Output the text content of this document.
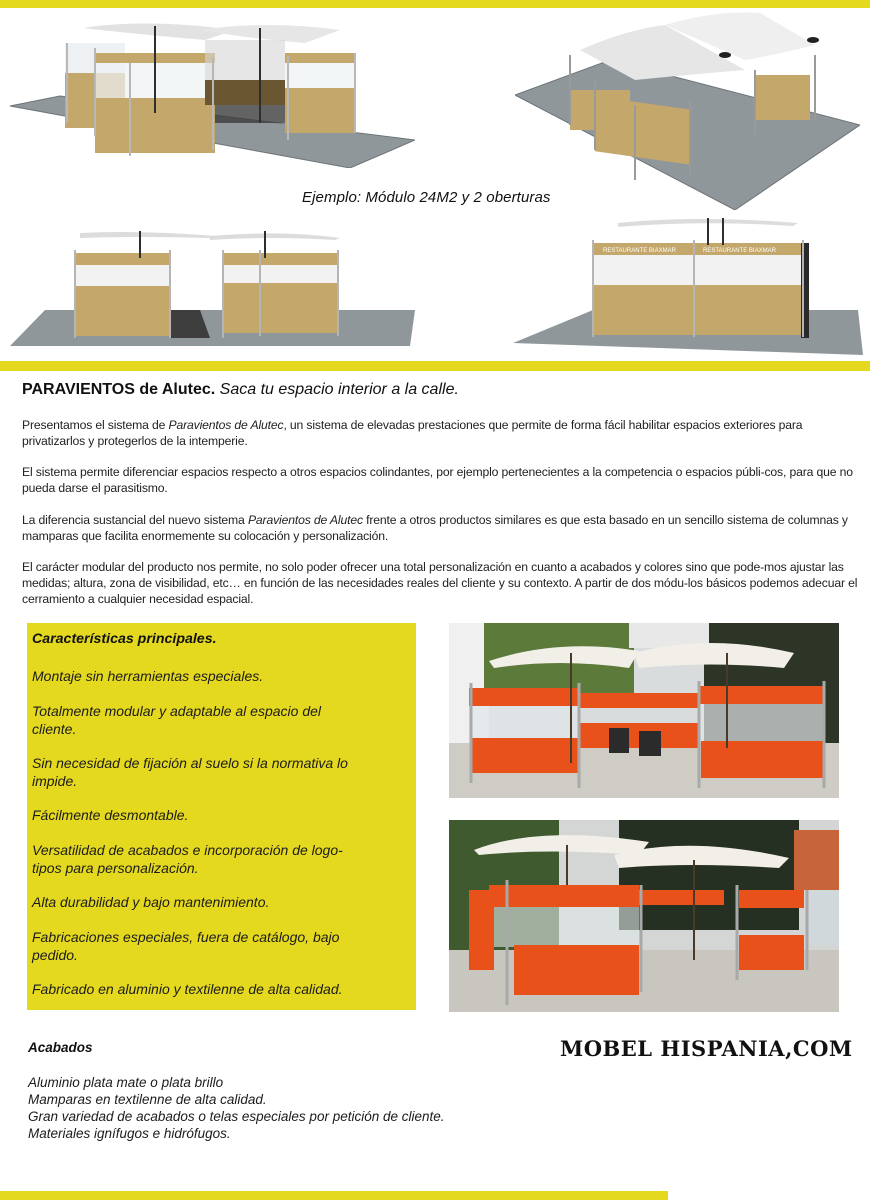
Ejemplo: Módulo 24M2 y 2 oberturas
RESTAURANTE BIAXMAR	RESTAURANTE BIAXMAR
PARAVIENTOS de Alutec. Saca tu espacio interior a la calle.
Presentamos el sistema de Paravientos de Alutec, un sistema de elevadas prestaciones que permite de forma fácil habilitar espacios exteriores para privatizarlos y protegerlos de la intemperie.
El sistema permite diferenciar espacios respecto a otros espacios colindantes, por ejemplo pertenecientes a la competencia o espacios públi-cos, para que no pueda darse el parasitismo.
La diferencia sustancial del nuevo sistema Paravientos de Alutec frente a otros productos similares es que esta basado en un sencillo sistema de columnas y mamparas que facilita enormemente su colocación y personalización.
El carácter modular del producto nos permite, no solo poder ofrecer una total personalización en cuanto a acabados y colores sino que pode-mos ajustar las medidas; altura, zona de visibilidad, etc… en función de las necesidades reales del cliente y su contexto. A partir de dos módu-los básicos podemos adecuar el cerramiento a cualquier necesidad espacial.
Características principales.
Montaje sin herramientas especiales.
Totalmente modular y adaptable al espacio del cliente.
Sin necesidad de fijación al suelo si la normativa lo impide.
Fácilmente desmontable.
Versatilidad de acabados e incorporación de logo-tipos para personalización.
Alta durabilidad y bajo mantenimiento.
Fabricaciones especiales, fuera de catálogo, bajo pedido.
Fabricado en aluminio y textilenne de alta calidad.
Acabados
Aluminio plata mate o plata brillo
Mamparas en textilenne de alta calidad.
Gran variedad de acabados o telas especiales por petición de cliente.
Materiales ignífugos e hidrófugos.
MOBEL HISPANIA,COM
